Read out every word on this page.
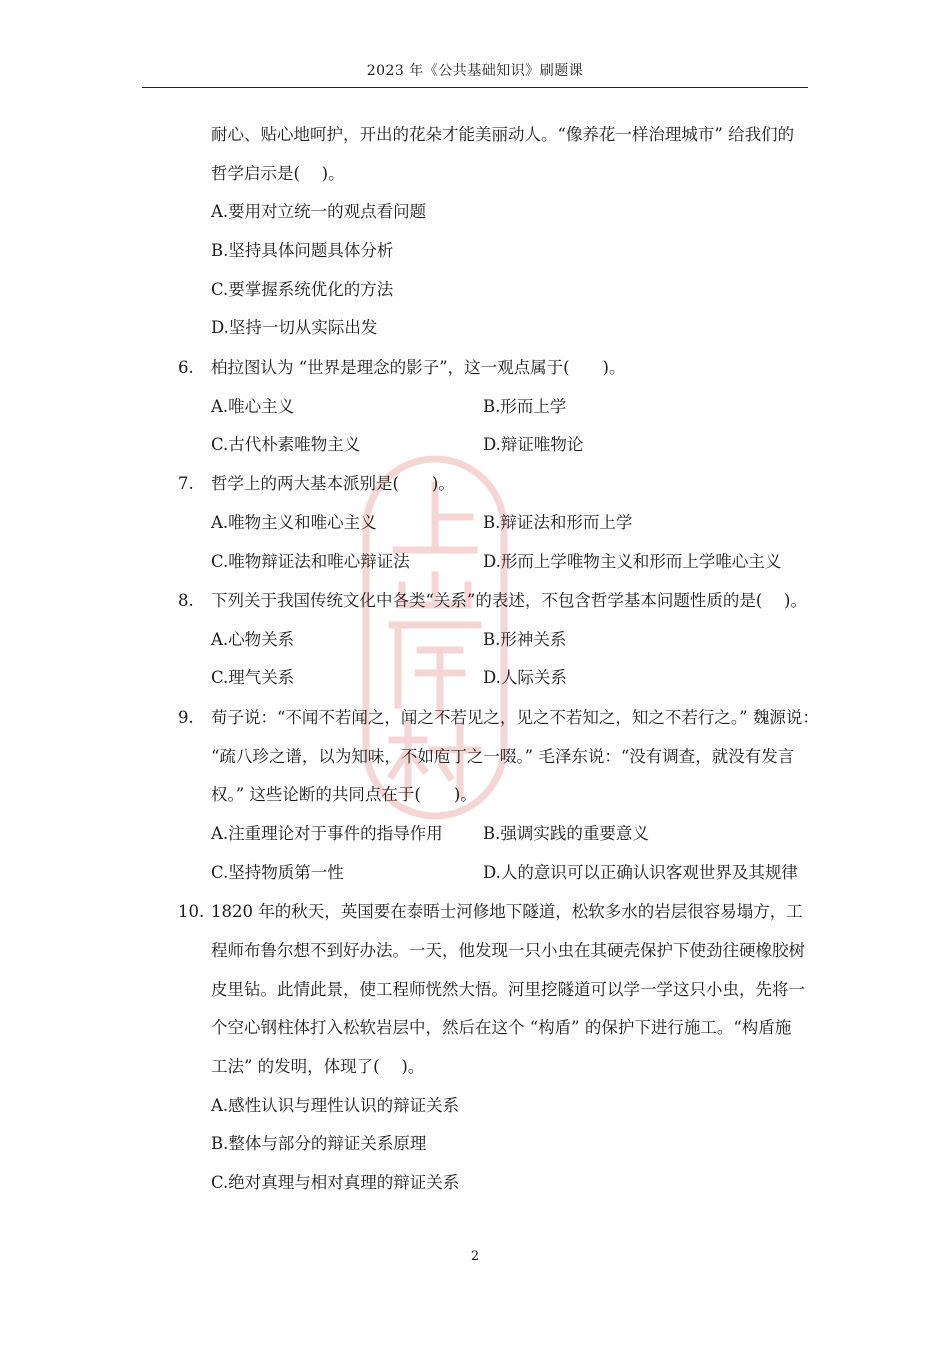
2023 年《公共基础知识》刷题课
耐心、贴心地呵护，开出的花朵才能美丽动人。“像养花一样治理城市” 给我们的
哲学启示是(　 )。
A.要用对立统一的观点看问题
B.坚持具体问题具体分析
C.要掌握系统优化的方法
D.坚持一切从实际出发
6. 柏拉图认为 “世界是理念的影子”，这一观点属于(　　)。
A.唯心主义	B.形而上学
C.古代朴素唯物主义	D.辩证唯物论
7. 哲学上的两大基本派别是(　　)。
A.唯物主义和唯心主义	B.辩证法和形而上学
C.唯物辩证法和唯心辩证法	D.形而上学唯物主义和形而上学唯心主义
8. 下列关于我国传统文化中各类“关系”的表述，不包含哲学基本问题性质的是(　 )。
A.心物关系	B.形神关系
C.理气关系	D.人际关系
9. 荀子说：“不闻不若闻之，闻之不若见之，见之不若知之，知之不若行之。” 魏源说：
“疏八珍之谱，以为知味，不如庖丁之一啜。” 毛泽东说：“没有调查，就没有发言
权。” 这些论断的共同点在于(　　)。
A.注重理论对于事件的指导作用 B.强调实践的重要意义
C.坚持物质第一性	D.人的意识可以正确认识客观世界及其规律
10. 1820 年的秋天，英国要在泰晤士河修地下隧道，松软多水的岩层很容易塌方，工
程师布鲁尔想不到好办法。一天，他发现一只小虫在其硬壳保护下使劲往硬橡胶树
皮里钻。此情此景，使工程师恍然大悟。河里挖隧道可以学一学这只小虫，先将一
个空心钢柱体打入松软岩层中，然后在这个 “构盾” 的保护下进行施工。“构盾施
工法” 的发明，体现了(　 )。
A.感性认识与理性认识的辩证关系
B.整体与部分的辩证关系原理
C.绝对真理与相对真理的辩证关系
2
